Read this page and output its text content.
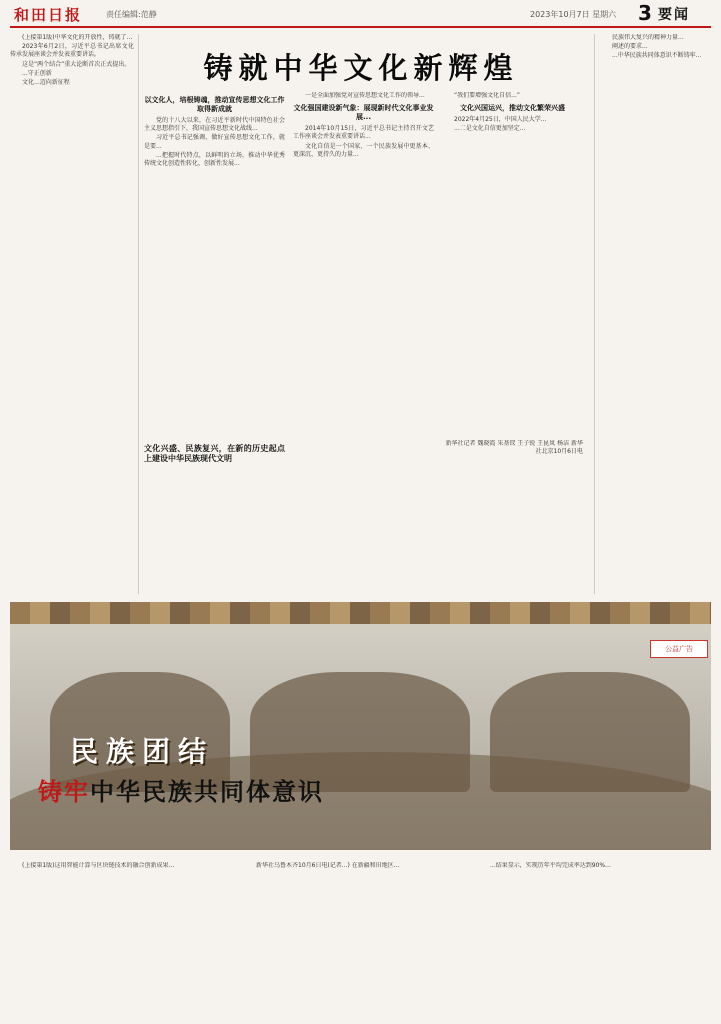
和田日报	责任编辑:范静	2023年10月7日 星期六 3 要闻

(上接第1版)中华文化的开放性，铸就了...

2023年6月2日，习近平总书记出席文化传承发展座谈会并发表重要讲话。

这是“两个结合”重大论断首次正式提出。

...守正创新

文化...迈向新征程	铸就中华文化新辉煌
以文化人，培根铸魂，推动宣传思想文化工作取得新成就

党的十八大以来，在习近平新时代中国特色社会主义思想指引下，我国宣传思想文化战线...

习近平总书记强调，做好宣传思想文化工作，就是要...

...把握时代特点，以鲜明的立场，推动中华优秀传统文化创造性转化，创新性发展...

一是全面加强党对宣传思想文化工作的领导...

文化强国建设新气象：展现新时代文化事业发展...

2014年10月15日，习近平总书记主持召开文艺工作座谈会并发表重要讲话...

文化自信是一个国家、一个民族发展中更基本、更深沉、更持久的力量...

“我们要增强文化自信...”

文化兴国运兴，推动文化繁荣兴盛

2022年4月25日，中国人民大学...

...二是文化自信更加坚定...

文化兴盛、民族复兴，在新的历史起点上建设中华民族现代文明
新华社记者 魏晓霞 朱基钗 王子锐 王昆岚 杨洁 新华社北京10月6日电

民族伟大复兴的精神力量...

阐述的要求...

...中华民族共同体意识不断铸牢...

公益广告
民族团结
铸牢中华民族共同体意识

(上接第1版)这用智能计算与区块链技术的融合创新成果...	新华社乌鲁木齐10月6日电(记者...) 在新疆和田地区...	...结果显示，实现历年平均完成率达到90%...
